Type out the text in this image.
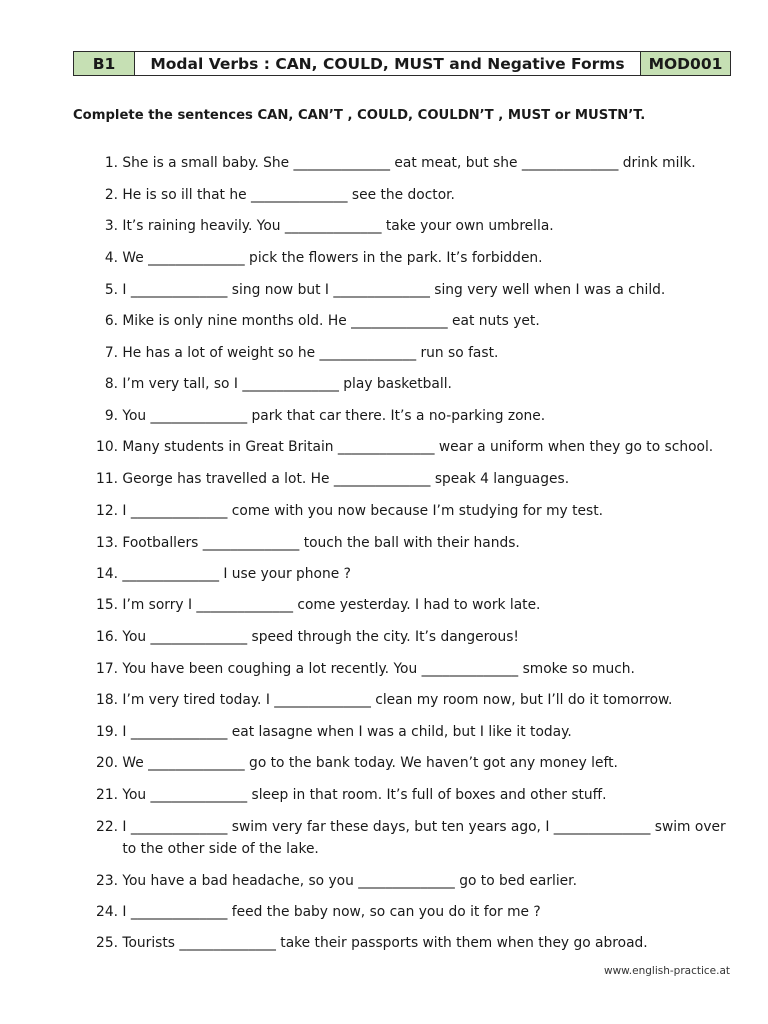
B1	Modal Verbs : CAN, COULD, MUST and Negative Forms	MOD001
Complete the sentences CAN, CAN’T , COULD, COULDN’T , MUST or MUSTN’T.
1. She is a small baby. She ______________ eat meat, but she ______________ drink milk.
2. He is so ill that he ______________ see the doctor.
3. It’s raining heavily. You ______________ take your own umbrella.
4. We ______________ pick the flowers in the park. It’s forbidden.
5. I ______________ sing now but I ______________ sing very well when I was a child.
6. Mike is only nine months old. He ______________ eat nuts yet.
7. He has a lot of weight so he ______________ run so fast.
8. I’m very tall, so I ______________ play basketball.
9. You ______________ park that car there. It’s a no-parking zone.
10. Many students in Great Britain ______________ wear a uniform when they go to school.
11. George has travelled a lot. He ______________ speak 4 languages.
12. I ______________ come with you now because I’m studying for my test.
13. Footballers ______________ touch the ball with their hands.
14. ______________ I use your phone ?
15. I’m sorry I ______________ come yesterday. I had to work late.
16. You ______________ speed through the city. It’s dangerous!
17. You have been coughing a lot recently. You ______________ smoke so much.
18. I’m very tired today. I ______________ clean my room now, but I’ll do it tomorrow.
19. I ______________ eat lasagne when I was a child, but I like it today.
20. We ______________ go to the bank today. We haven’t got any money left.
21. You ______________ sleep in that room. It’s full of boxes and other stuff.
22. I ______________ swim very far these days, but ten years ago, I ______________ swim over to the other side of the lake.
23. You have a bad headache, so you ______________ go to bed earlier.
24. I ______________ feed the baby now, so can you do it for me ?
25. Tourists ______________ take their passports with them when they go abroad.
www.english-practice.at
